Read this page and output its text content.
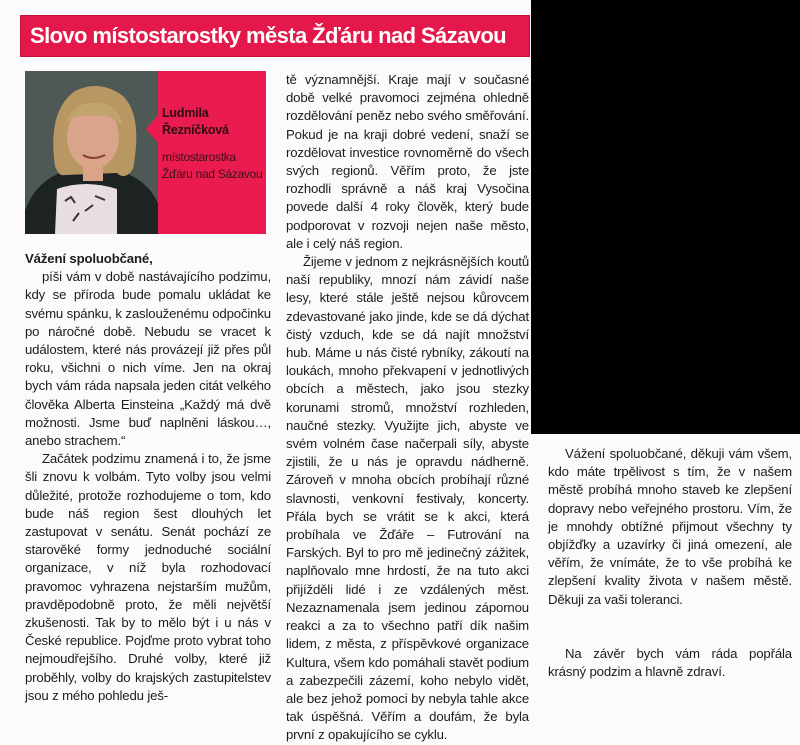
Slovo místostarostky města Žďáru nad Sázavou
Ludmila
Řezníčková
místostarostka
Žďáru nad Sázavou

Vážení spoluobčané,

píši vám v době nastávajícího podzimu, kdy se příroda bude pomalu ukládat ke svému spánku, k zaslouženému odpočinku po náročné době. Nebudu se vracet k událostem, které nás provázejí již přes půl roku, všichni o nich víme. Jen na okraj bych vám ráda napsala jeden citát velkého člověka Alberta Einsteina „Každý má dvě možnosti. Jsme buď naplněni láskou…, anebo strachem.“

Začátek podzimu znamená i to, že jsme šli znovu k volbám. Tyto volby jsou velmi důležité, protože rozhodujeme o tom, kdo bude náš region šest dlouhých let zastupovat v senátu. Senát pochází ze starověké formy jednoduché sociální organizace, v níž byla rozhodovací pravomoc vyhrazena nejstarším mužům, pravděpodobně proto, že měli největší zkušenosti. Tak by to mělo být i u nás v České republice. Pojďme proto vybrat toho nejmoudřejšího. Druhé volby, které již proběhly, volby do krajských zastupitelstev jsou z mého pohledu ješ-

tě významnější. Kraje mají v současné době velké pravomoci zejména ohledně rozdělování peněz nebo svého směřování. Pokud je na kraji dobré vedení, snaží se rozdělovat investice rovnoměrně do všech svých regionů. Věřím proto, že jste rozhodli správně a náš kraj Vysočina povede další 4 roky člověk, který bude podporovat v rozvoji nejen naše město, ale i celý náš region.

Žijeme v jednom z nejkrásnějších koutů naší republiky, mnozí nám závidí naše lesy, které stále ještě nejsou kůrovcem zdevastované jako jinde, kde se dá dýchat čistý vzduch, kde se dá najít množství hub. Máme u nás čisté rybníky, zákoutí na loukách, mnoho překvapení v jednotlivých obcích a městech, jako jsou stezky korunami stromů, množství rozhleden, naučné stezky. Využijte jich, abyste ve svém volném čase načerpali síly, abyste zjistili, že u nás je opravdu nádherně. Zároveň v mnoha obcích probíhají různé slavnosti, venkovní festivaly, koncerty. Přála bych se vrátit se k akci, která probíhala ve Žďáře – Futrování na Farských. Byl to pro mě jedinečný zážitek, naplňovalo mne hrdostí, že na tuto akci přijížděli lidé i ze vzdálených měst. Nezaznamenala jsem jedinou zápornou reakci a za to všechno patří dík našim lidem, z města, z příspěvkové organizace Kultura, všem kdo pomáhali stavět podium a zabezpečili zázemí, koho nebylo vidět, ale bez jehož pomoci by nebyla tahle akce tak úspěšná. Věřím a doufám, že byla první z opakujícího se cyklu.

Vážení spoluobčané, děkuji vám všem, kdo máte trpělivost s tím, že v našem městě probíhá mnoho staveb ke zlepšení dopravy nebo veřejného prostoru. Vím, že je mnohdy obtížné přijmout všechny ty objížďky a uzavírky či jiná omezení, ale věřím, že vnímáte, že to vše probíhá ke zlepšení kvality života v našem městě. Děkuji za vaši toleranci.

Na závěr bych vám ráda popřála krásný podzim a hlavně zdraví.
